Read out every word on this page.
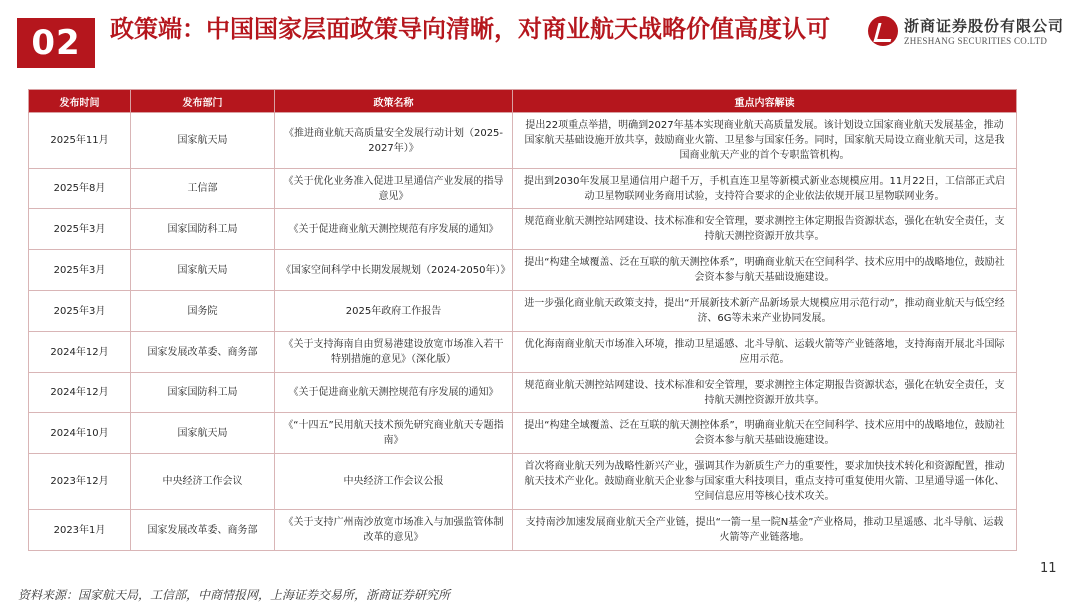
02	政策端：中国国家层面政策导向清晰，对商业航天战略价值高度认可	浙商证券股份有限公司
ZHESHANG SECURITIES CO.LTD
发布时间	发布部门	政策名称	重点内容解读
2025年11月	国家航天局	《推进商业航天高质量安全发展行动计划（2025-2027年）》	提出22项重点举措，明确到2027年基本实现商业航天高质量发展。该计划设立国家商业航天发展基金，推动国家航天基础设施开放共享，鼓励商业火箭、卫星参与国家任务。同时，国家航天局设立商业航天司，这是我国商业航天产业的首个专职监管机构。
2025年8月	工信部	《关于优化业务准入促进卫星通信产业发展的指导意见》	提出到2030年发展卫星通信用户超千万，手机直连卫星等新模式新业态规模应用。11月22日，工信部正式启动卫星物联网业务商用试验，支持符合要求的企业依法依规开展卫星物联网业务。
2025年3月	国家国防科工局	《关于促进商业航天测控规范有序发展的通知》	规范商业航天测控站网建设、技术标准和安全管理，要求测控主体定期报告资源状态，强化在轨安全责任，支持航天测控资源开放共享。
2025年3月	国家航天局	《国家空间科学中长期发展规划（2024-2050年）》	提出“构建全域覆盖、泛在互联的航天测控体系”，明确商业航天在空间科学、技术应用中的战略地位，鼓励社会资本参与航天基础设施建设。
2025年3月	国务院	2025年政府工作报告	进一步强化商业航天政策支持，提出“开展新技术新产品新场景大规模应用示范行动”，推动商业航天与低空经济、6G等未来产业协同发展。
2024年12月	国家发展改革委、商务部	《关于支持海南自由贸易港建设放宽市场准入若干特别措施的意见》（深化版）	优化海南商业航天市场准入环境，推动卫星遥感、北斗导航、运载火箭等产业链落地，支持海南开展北斗国际应用示范。
2024年12月	国家国防科工局	《关于促进商业航天测控规范有序发展的通知》	规范商业航天测控站网建设、技术标准和安全管理，要求测控主体定期报告资源状态，强化在轨安全责任，支持航天测控资源开放共享。
2024年10月	国家航天局	《“十四五”民用航天技术预先研究商业航天专题指南》	提出“构建全域覆盖、泛在互联的航天测控体系”，明确商业航天在空间科学、技术应用中的战略地位，鼓励社会资本参与航天基础设施建设。
2023年12月	中央经济工作会议	中央经济工作会议公报	首次将商业航天列为战略性新兴产业，强调其作为新质生产力的重要性，要求加快技术转化和资源配置，推动航天技术产业化。鼓励商业航天企业参与国家重大科技项目，重点支持可重复使用火箭、卫星通导遥一体化、空间信息应用等核心技术攻关。
2023年1月	国家发展改革委、商务部	《关于支持广州南沙放宽市场准入与加强监管体制改革的意见》	支持南沙加速发展商业航天全产业链，提出“一箭一星一院N基金”产业格局，推动卫星遥感、北斗导航、运载火箭等产业链落地。
11
资料来源：国家航天局，工信部，中商情报网，上海证券交易所，浙商证券研究所
